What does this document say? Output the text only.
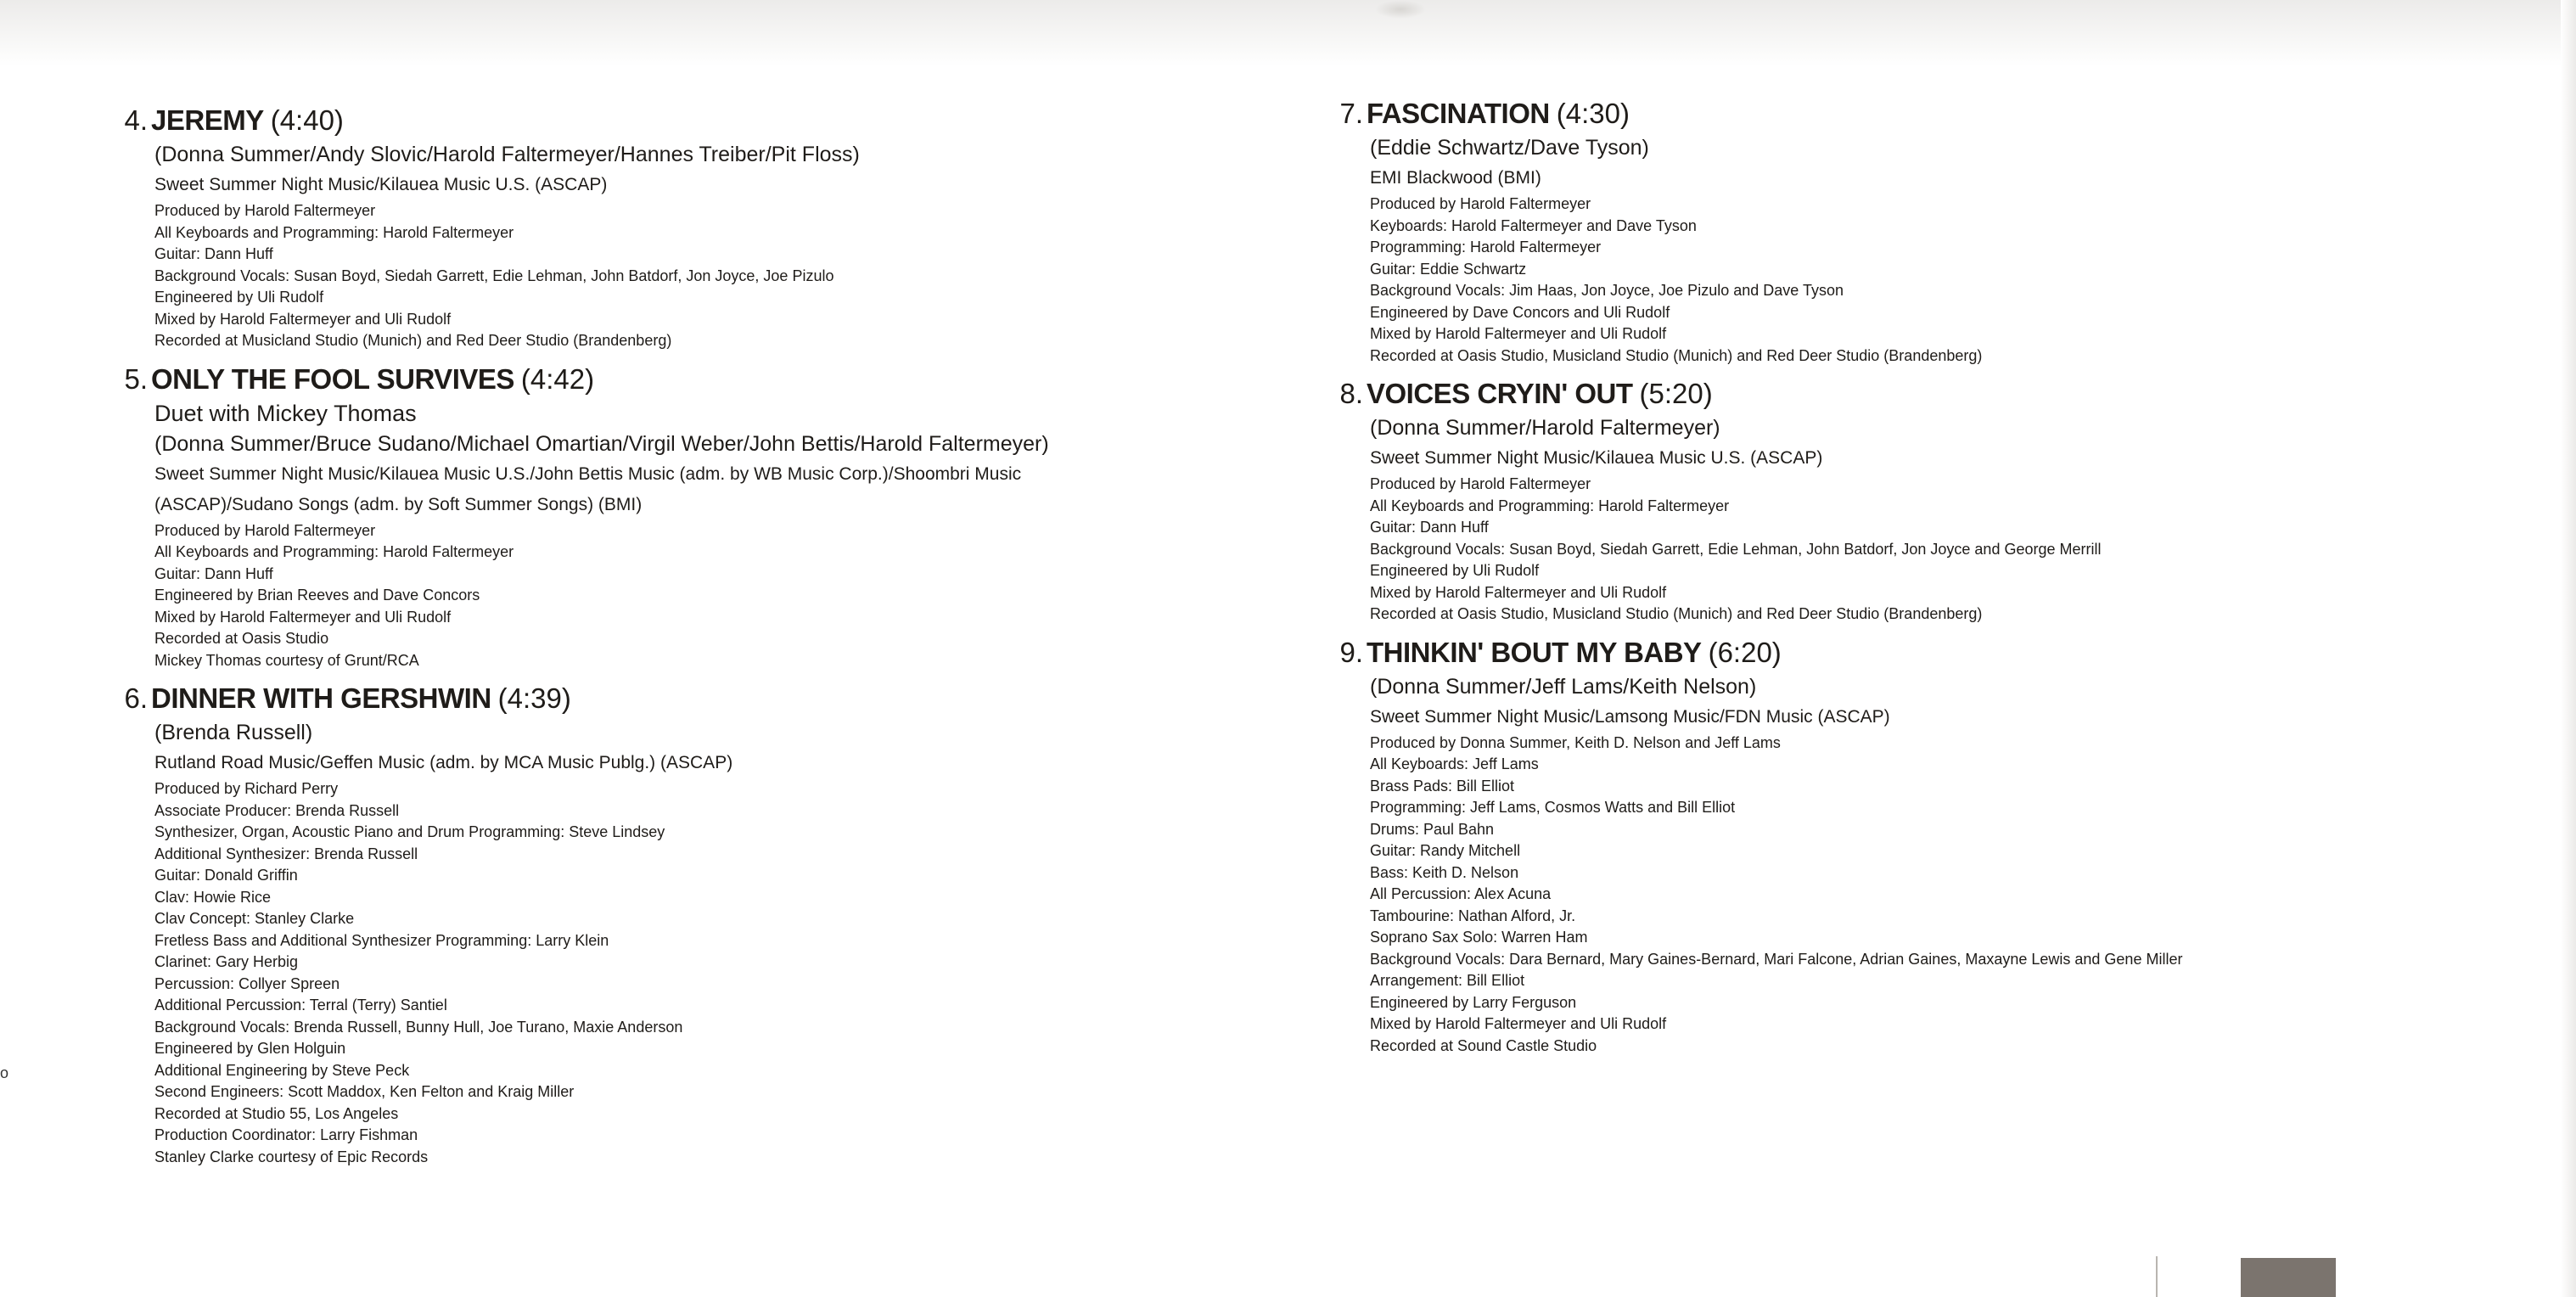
o
4. JEREMY (4:40)
(Donna Summer/Andy Slovic/Harold Faltermeyer/Hannes Treiber/Pit Floss)
Sweet Summer Night Music/Kilauea Music U.S. (ASCAP)
Produced by Harold Faltermeyer
All Keyboards and Programming: Harold Faltermeyer
Guitar: Dann Huff
Background Vocals: Susan Boyd, Siedah Garrett, Edie Lehman, John Batdorf, Jon Joyce, Joe Pizulo
Engineered by Uli Rudolf
Mixed by Harold Faltermeyer and Uli Rudolf
Recorded at Musicland Studio (Munich) and Red Deer Studio (Brandenberg)
5. ONLY THE FOOL SURVIVES (4:42)
Duet with Mickey Thomas
(Donna Summer/Bruce Sudano/Michael Omartian/Virgil Weber/John Bettis/Harold Faltermeyer)
Sweet Summer Night Music/Kilauea Music U.S./John Bettis Music (adm. by WB Music Corp.)/Shoombri Music
(ASCAP)/Sudano Songs (adm. by Soft Summer Songs) (BMI)
Produced by Harold Faltermeyer
All Keyboards and Programming: Harold Faltermeyer
Guitar: Dann Huff
Engineered by Brian Reeves and Dave Concors
Mixed by Harold Faltermeyer and Uli Rudolf
Recorded at Oasis Studio
Mickey Thomas courtesy of Grunt/RCA
6. DINNER WITH GERSHWIN (4:39)
(Brenda Russell)
Rutland Road Music/Geffen Music (adm. by MCA Music Publg.) (ASCAP)
Produced by Richard Perry
Associate Producer: Brenda Russell
Synthesizer, Organ, Acoustic Piano and Drum Programming: Steve Lindsey
Additional Synthesizer: Brenda Russell
Guitar: Donald Griffin
Clav: Howie Rice
Clav Concept: Stanley Clarke
Fretless Bass and Additional Synthesizer Programming: Larry Klein
Clarinet: Gary Herbig
Percussion: Collyer Spreen
Additional Percussion: Terral (Terry) Santiel
Background Vocals: Brenda Russell, Bunny Hull, Joe Turano, Maxie Anderson
Engineered by Glen Holguin
Additional Engineering by Steve Peck
Second Engineers: Scott Maddox, Ken Felton and Kraig Miller
Recorded at Studio 55, Los Angeles
Production Coordinator: Larry Fishman
Stanley Clarke courtesy of Epic Records
7. FASCINATION (4:30)
(Eddie Schwartz/Dave Tyson)
EMI Blackwood (BMI)
Produced by Harold Faltermeyer
Keyboards: Harold Faltermeyer and Dave Tyson
Programming: Harold Faltermeyer
Guitar: Eddie Schwartz
Background Vocals: Jim Haas, Jon Joyce, Joe Pizulo and Dave Tyson
Engineered by Dave Concors and Uli Rudolf
Mixed by Harold Faltermeyer and Uli Rudolf
Recorded at Oasis Studio, Musicland Studio (Munich) and Red Deer Studio (Brandenberg)
8. VOICES CRYIN' OUT (5:20)
(Donna Summer/Harold Faltermeyer)
Sweet Summer Night Music/Kilauea Music U.S. (ASCAP)
Produced by Harold Faltermeyer
All Keyboards and Programming: Harold Faltermeyer
Guitar: Dann Huff
Background Vocals: Susan Boyd, Siedah Garrett, Edie Lehman, John Batdorf, Jon Joyce and George Merrill
Engineered by Uli Rudolf
Mixed by Harold Faltermeyer and Uli Rudolf
Recorded at Oasis Studio, Musicland Studio (Munich) and Red Deer Studio (Brandenberg)
9. THINKIN' BOUT MY BABY (6:20)
(Donna Summer/Jeff Lams/Keith Nelson)
Sweet Summer Night Music/Lamsong Music/FDN Music (ASCAP)
Produced by Donna Summer, Keith D. Nelson and Jeff Lams
All Keyboards: Jeff Lams
Brass Pads: Bill Elliot
Programming: Jeff Lams, Cosmos Watts and Bill Elliot
Drums: Paul Bahn
Guitar: Randy Mitchell
Bass: Keith D. Nelson
All Percussion: Alex Acuna
Tambourine: Nathan Alford, Jr.
Soprano Sax Solo: Warren Ham
Background Vocals: Dara Bernard, Mary Gaines-Bernard, Mari Falcone, Adrian Gaines, Maxayne Lewis and Gene Miller
Arrangement: Bill Elliot
Engineered by Larry Ferguson
Mixed by Harold Faltermeyer and Uli Rudolf
Recorded at Sound Castle Studio
